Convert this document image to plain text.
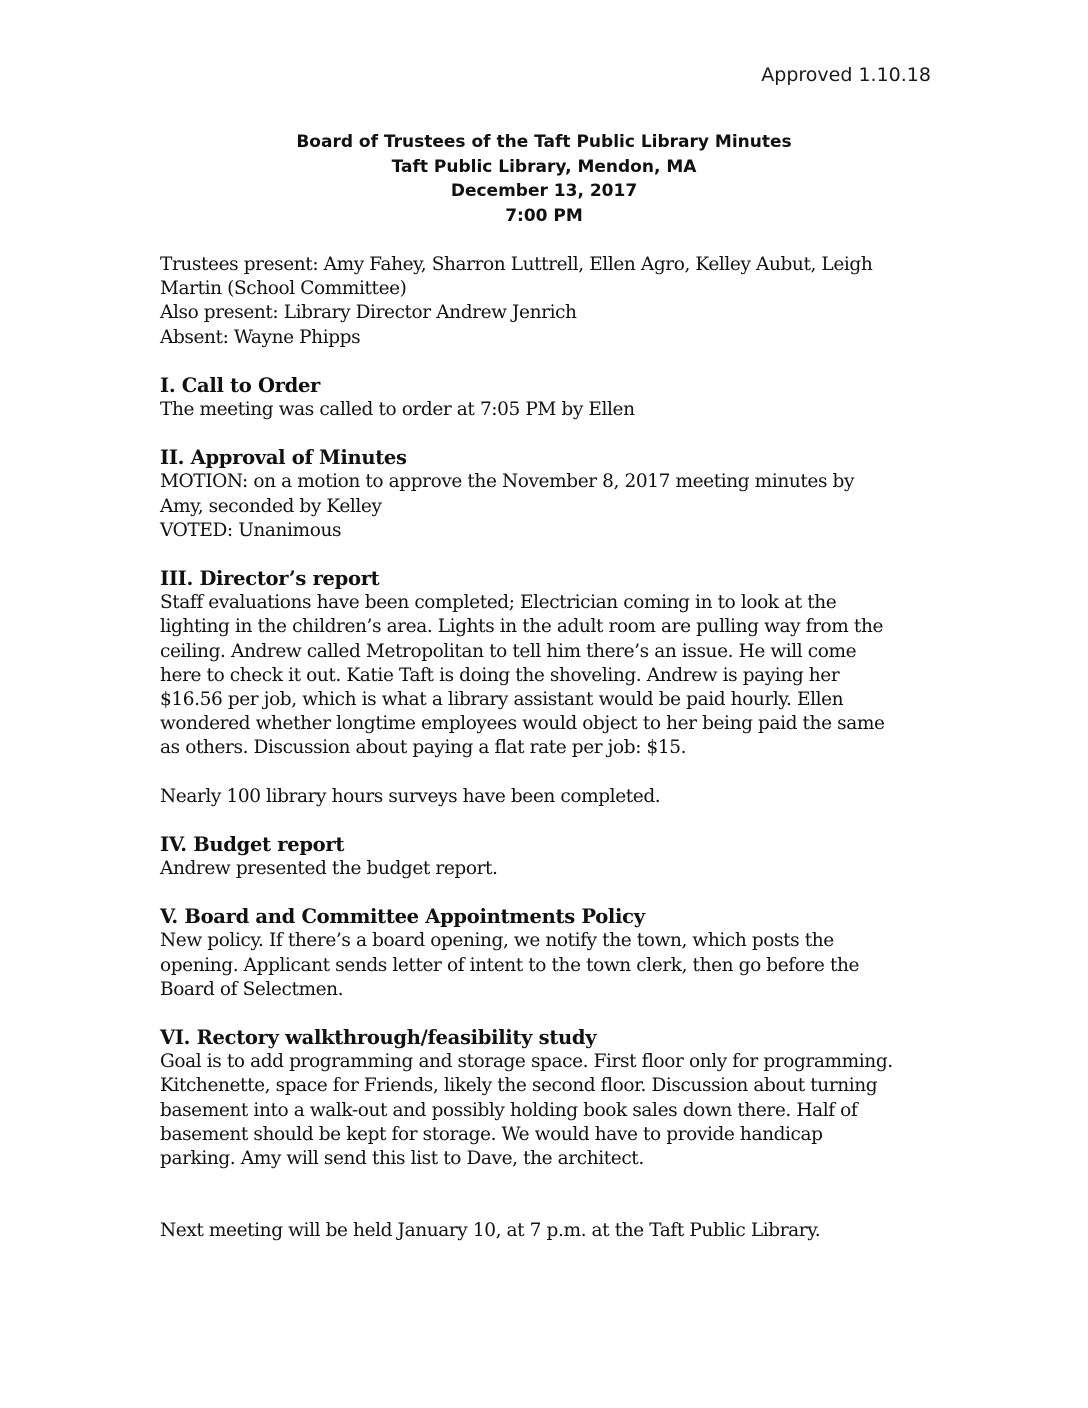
Approved 1.10.18
Board of Trustees of the Taft Public Library Minutes
Taft Public Library, Mendon, MA
December 13, 2017
7:00 PM

Trustees present: Amy Fahey, Sharron Luttrell, Ellen Agro, Kelley Aubut, Leigh

Martin (School Committee)

Also present: Library Director Andrew Jenrich

Absent: Wayne Phipps

I. Call to Order

The meeting was called to order at 7:05 PM by Ellen

II. Approval of Minutes

MOTION: on a motion to approve the November 8, 2017 meeting minutes by

Amy, seconded by Kelley

VOTED: Unanimous

III. Director’s report

Staff evaluations have been completed; Electrician coming in to look at the

lighting in the children’s area. Lights in the adult room are pulling way from the

ceiling. Andrew called Metropolitan to tell him there’s an issue. He will come

here to check it out. Katie Taft is doing the shoveling. Andrew is paying her

$16.56 per job, which is what a library assistant would be paid hourly. Ellen

wondered whether longtime employees would object to her being paid the same

as others. Discussion about paying a flat rate per job: $15.

Nearly 100 library hours surveys have been completed.

IV. Budget report

Andrew presented the budget report.

V. Board and Committee Appointments Policy

New policy. If there’s a board opening, we notify the town, which posts the

opening. Applicant sends letter of intent to the town clerk, then go before the

Board of Selectmen.

VI. Rectory walkthrough/feasibility study

Goal is to add programming and storage space. First floor only for programming.

Kitchenette, space for Friends, likely the second floor. Discussion about turning

basement into a walk-out and possibly holding book sales down there. Half of

basement should be kept for storage. We would have to provide handicap

parking. Amy will send this list to Dave, the architect.

Next meeting will be held January 10, at 7 p.m. at the Taft Public Library.
